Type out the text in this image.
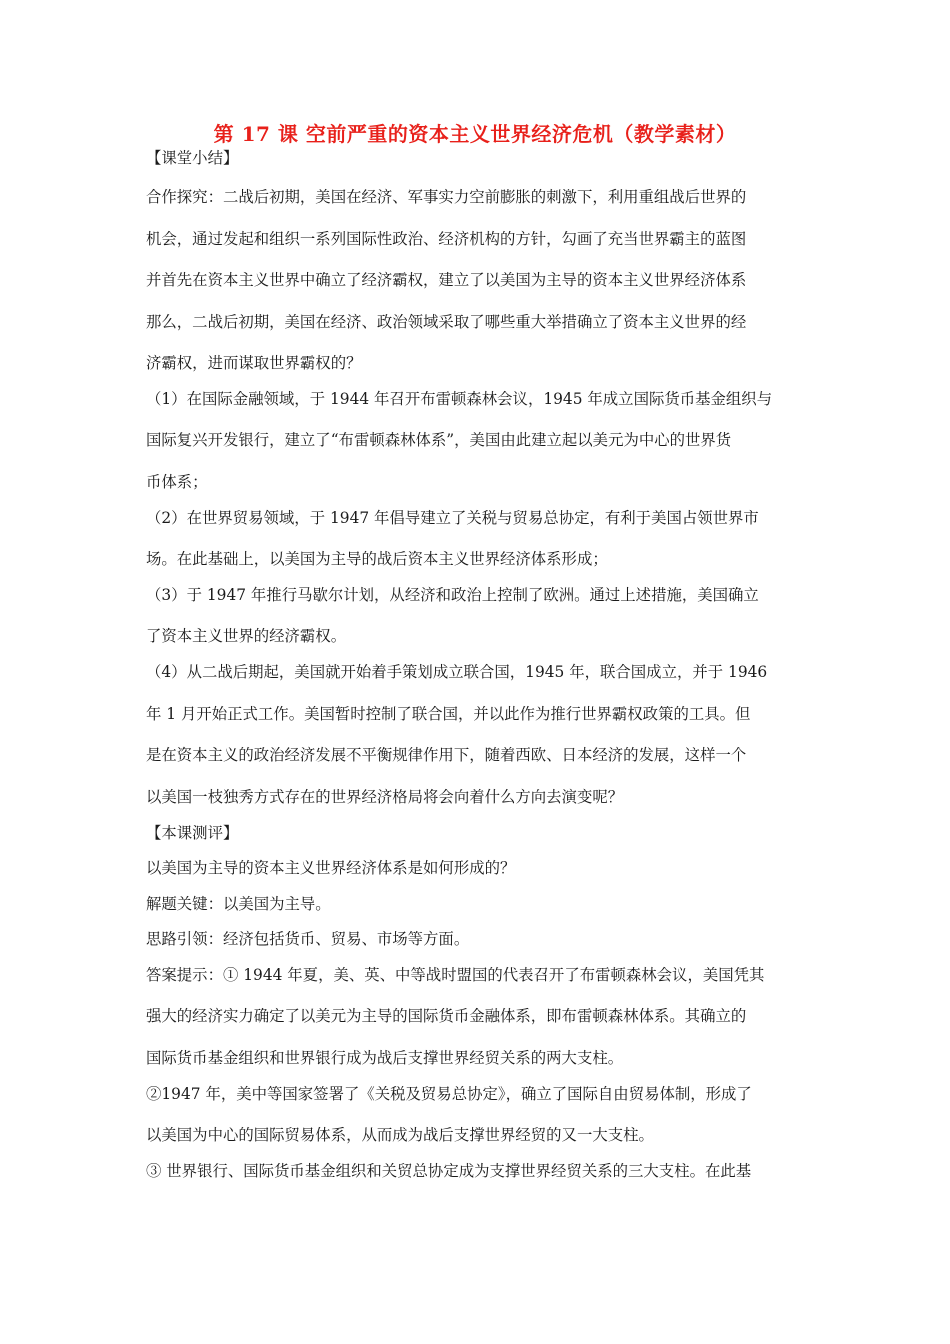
第 17 课 空前严重的资本主义世界经济危机（教学素材）
【课堂小结】
合作探究：二战后初期，美国在经济、军事实力空前膨胀的刺激下，利用重组战后世界的
机会，通过发起和组织一系列国际性政治、经济机构的方针，勾画了充当世界霸主的蓝图
并首先在资本主义世界中确立了经济霸权，建立了以美国为主导的资本主义世界经济体系
那么，二战后初期，美国在经济、政治领域采取了哪些重大举措确立了资本主义世界的经
济霸权，进而谋取世界霸权的？
（1）在国际金融领域，于 1944 年召开布雷顿森林会议，1945 年成立国际货币基金组织与
国际复兴开发银行，建立了“布雷顿森林体系”，美国由此建立起以美元为中心的世界货
币体系；
（2）在世界贸易领域，于 1947 年倡导建立了关税与贸易总协定，有利于美国占领世界市
场。在此基础上，以美国为主导的战后资本主义世界经济体系形成；
（3）于 1947 年推行马歇尔计划，从经济和政治上控制了欧洲。通过上述措施，美国确立
了资本主义世界的经济霸权。
（4）从二战后期起，美国就开始着手策划成立联合国，1945 年，联合国成立，并于 1946
年 1 月开始正式工作。美国暂时控制了联合国，并以此作为推行世界霸权政策的工具。但
是在资本主义的政治经济发展不平衡规律作用下，随着西欧、日本经济的发展，这样一个
以美国一枝独秀方式存在的世界经济格局将会向着什么方向去演变呢？
【本课测评】
以美国为主导的资本主义世界经济体系是如何形成的？
解题关键：以美国为主导。
思路引领：经济包括货币、贸易、市场等方面。
答案提示：① 1944 年夏，美、英、中等战时盟国的代表召开了布雷顿森林会议，美国凭其
强大的经济实力确定了以美元为主导的国际货币金融体系，即布雷顿森林体系。其确立的
国际货币基金组织和世界银行成为战后支撑世界经贸关系的两大支柱。
②1947 年，美中等国家签署了《关税及贸易总协定》，确立了国际自由贸易体制，形成了
以美国为中心的国际贸易体系，从而成为战后支撑世界经贸的又一大支柱。
③ 世界银行、国际货币基金组织和关贸总协定成为支撑世界经贸关系的三大支柱。在此基
